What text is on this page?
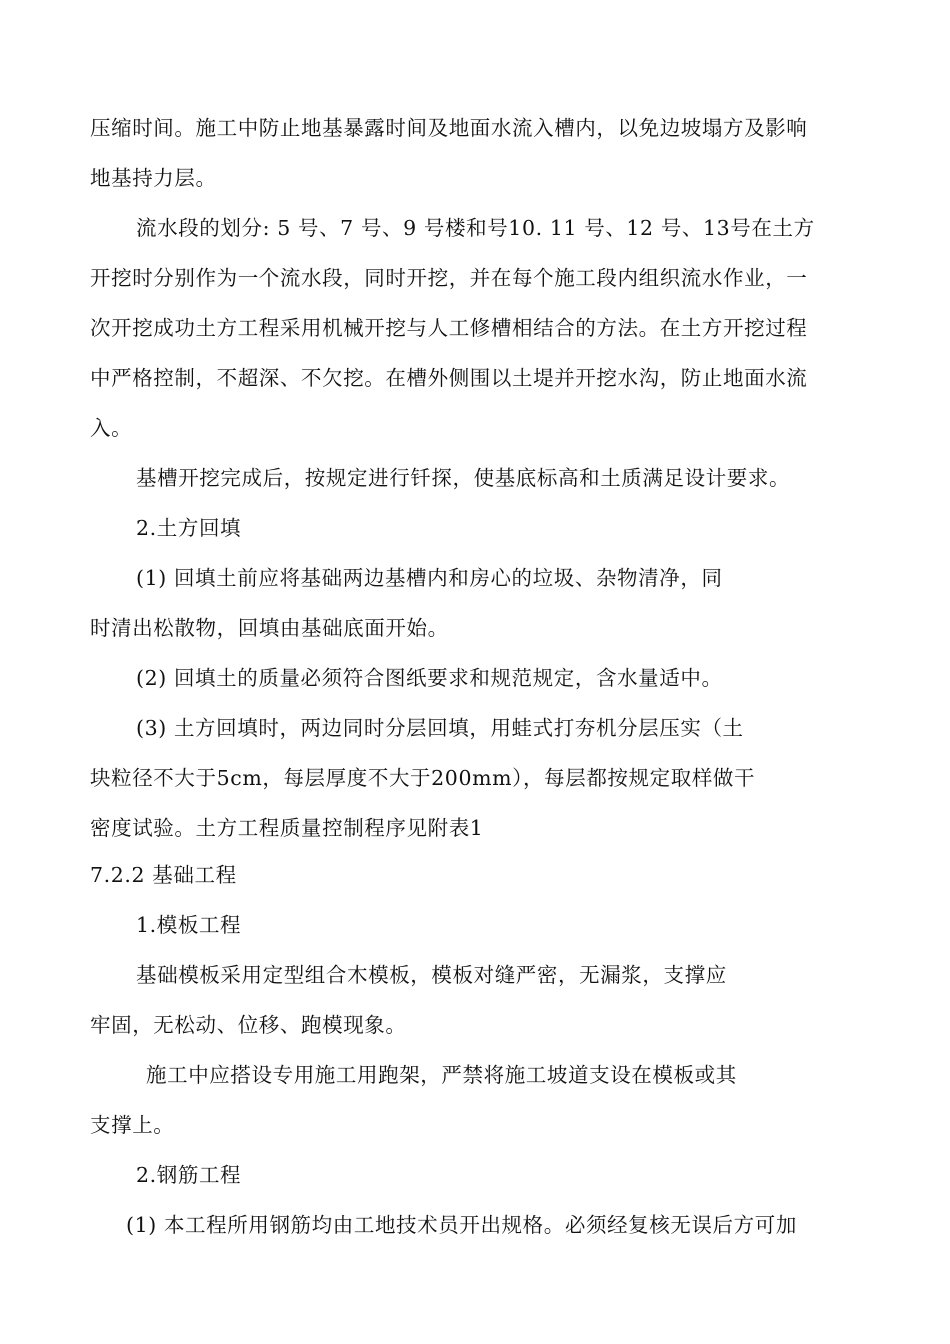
压缩时间。施工中防止地基暴露时间及地面水流入槽内，以免边坡塌方及影响
地基持力层。
流水段的划分: 5 号、7 号、9 号楼和号10. 11 号、12 号、13号在土方
开挖时分别作为一个流水段，同时开挖，并在每个施工段内组织流水作业，一
次开挖成功土方工程采用机械开挖与人工修槽相结合的方法。在土方开挖过程
中严格控制，不超深、不欠挖。在槽外侧围以土堤并开挖水沟，防止地面水流
入。
基槽开挖完成后，按规定进行钎探，使基底标高和土质满足设计要求。
2.土方回填
(1) 回填土前应将基础两边基槽内和房心的垃圾、杂物清净，同
时清出松散物，回填由基础底面开始。
(2) 回填土的质量必须符合图纸要求和规范规定，含水量适中。
(3) 土方回填时，两边同时分层回填，用蛙式打夯机分层压实（土
块粒径不大于5cm，每层厚度不大于200mm），每层都按规定取样做干
密度试验。土方工程质量控制程序见附表1
7.2.2 基础工程
1.模板工程
基础模板采用定型组合木模板，模板对缝严密，无漏浆，支撑应
牢固，无松动、位移、跑模现象。
施工中应搭设专用施工用跑架，严禁将施工坡道支设在模板或其
支撑上。
2.钢筋工程
(1) 本工程所用钢筋均由工地技术员开出规格。必须经复核无误后方可加
